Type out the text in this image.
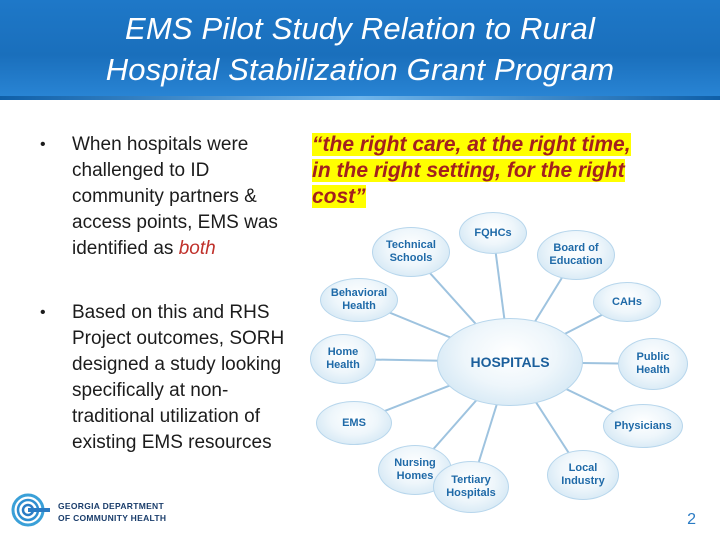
EMS Pilot Study Relation to Rural
Hospital Stabilization Grant Program
• When hospitals were challenged to ID community partners & access points, EMS was identified as both
• Based on this and RHS Project outcomes, SORH designed a study looking specifically at non-traditional utilization of existing EMS resources
“the right care, at the right time,
in the right setting, for the right
cost”
HOSPITALS
Technical Schools
FQHCs
Board of Education
Behavioral Health	CAHs
Home Health
Public Health
EMS	Physicians
Nursing Homes	Tertiary Hospitals
Local Industry
GEORGIA DEPARTMENT
OF COMMUNITY HEALTH	2
